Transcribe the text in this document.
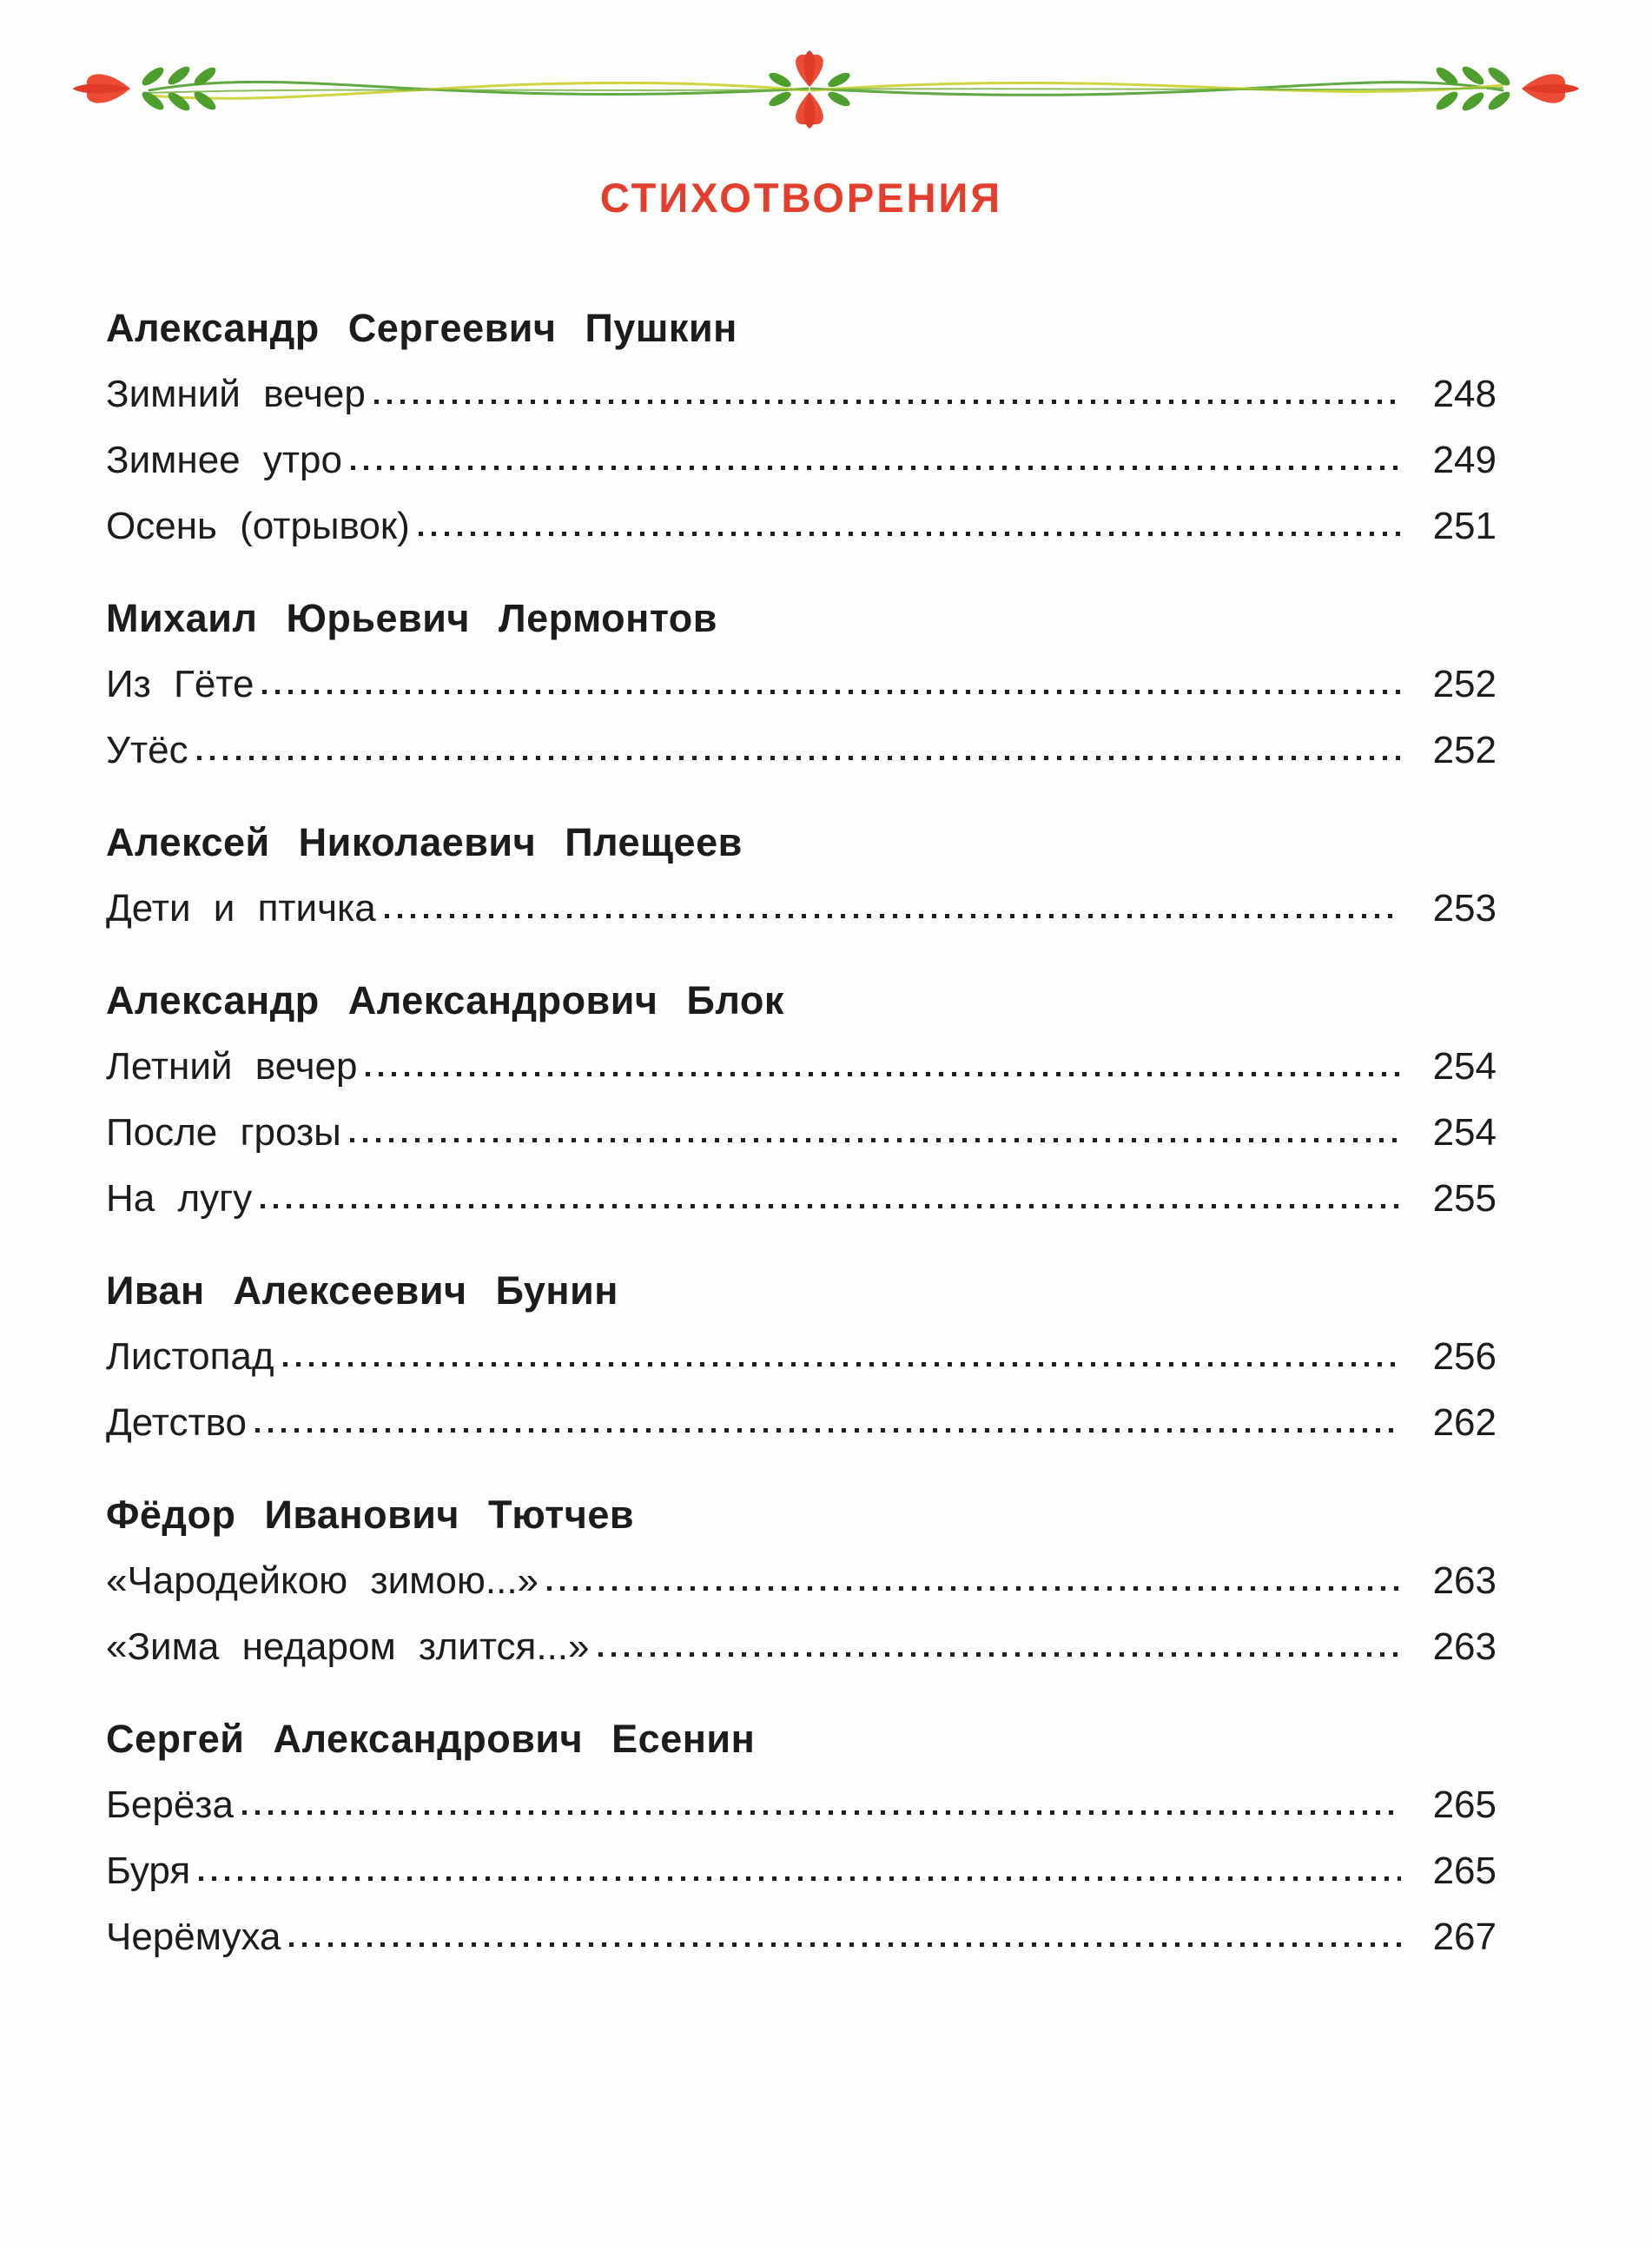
СТИХОТВОРЕНИЯ
Александр Сергеевич Пушкин
Зимний вечер	248
Зимнее утро	249
Осень (отрывок)	251
Михаил Юрьевич Лермонтов
Из Гёте	252
Утёс	252
Алексей Николаевич Плещеев
Дети и птичка	253
Александр Александрович Блок
Летний вечер	254
После грозы	254
На лугу	255
Иван Алексеевич Бунин
Листопад	256
Детство	262
Фёдор Иванович Тютчев
«Чародейкою зимою...»	263
«Зима недаром злится...»	263
Сергей Александрович Есенин
Берёза	265
Буря	265
Черёмуха	267
